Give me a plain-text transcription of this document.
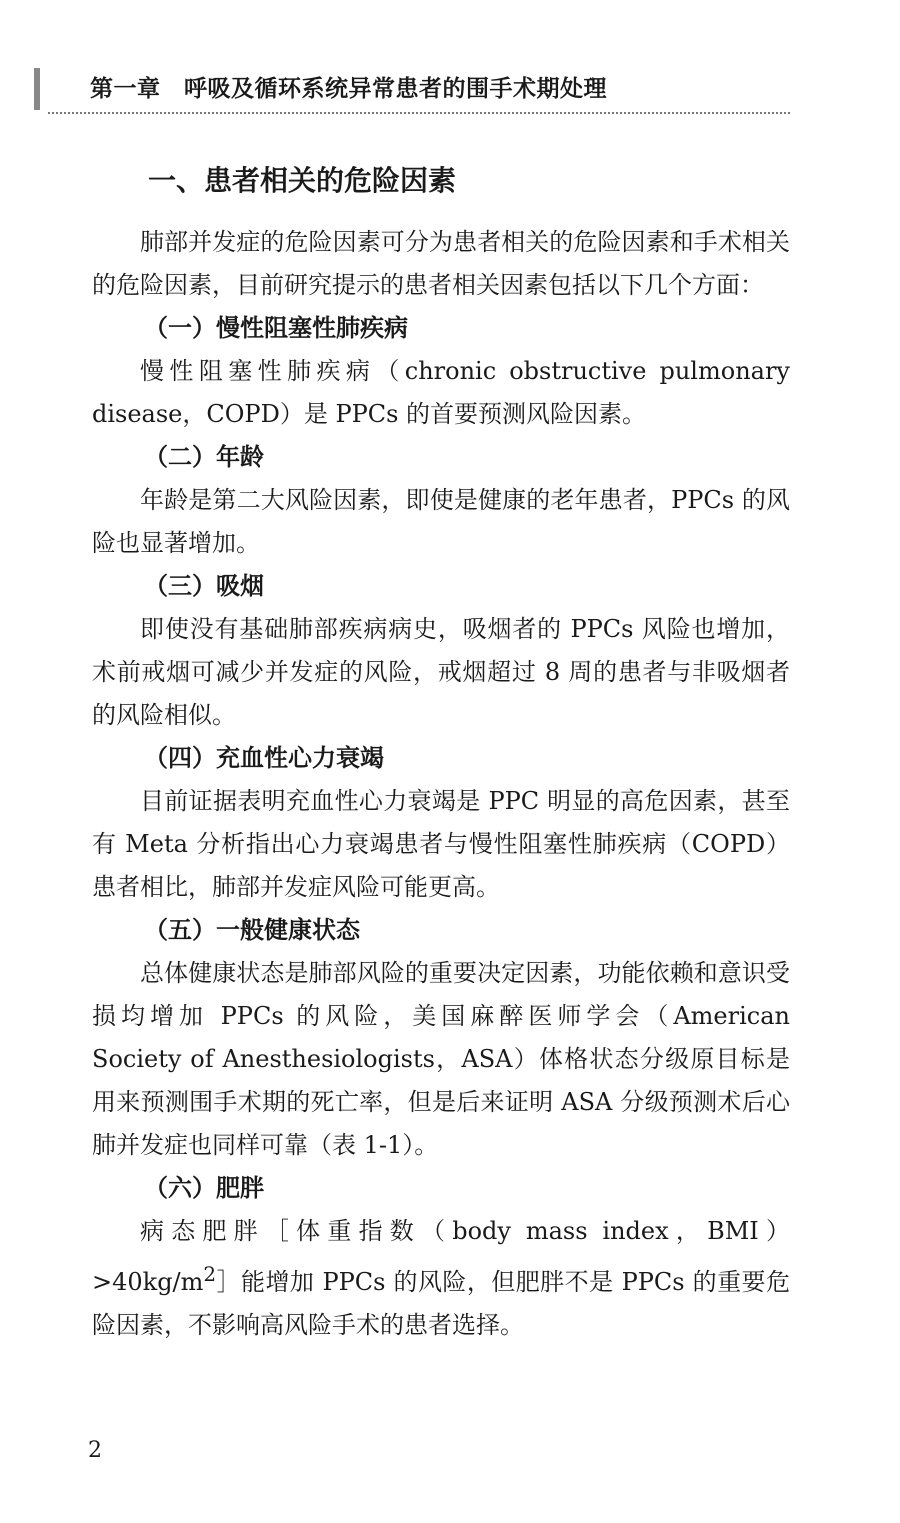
第一章　呼吸及循环系统异常患者的围手术期处理
一、患者相关的危险因素

肺部并发症的危险因素可分为患者相关的危险因素和手术相关的危险因素，目前研究提示的患者相关因素包括以下几个方面：

（一）慢性阻塞性肺疾病

慢性阻塞性肺疾病（chronic obstructive pulmonary disease，COPD）是 PPCs 的首要预测风险因素。

（二）年龄

年龄是第二大风险因素，即使是健康的老年患者，PPCs 的风险也显著增加。

（三）吸烟

即使没有基础肺部疾病病史，吸烟者的 PPCs 风险也增加，术前戒烟可减少并发症的风险，戒烟超过 8 周的患者与非吸烟者的风险相似。

（四）充血性心力衰竭

目前证据表明充血性心力衰竭是 PPC 明显的高危因素，甚至有 Meta 分析指出心力衰竭患者与慢性阻塞性肺疾病（COPD）患者相比，肺部并发症风险可能更高。

（五）一般健康状态

总体健康状态是肺部风险的重要决定因素，功能依赖和意识受损均增加 PPCs 的风险，美国麻醉医师学会（American Society of Anesthesiologists，ASA）体格状态分级原目标是用来预测围手术期的死亡率，但是后来证明 ASA 分级预测术后心肺并发症也同样可靠（表 1-1）。

（六）肥胖

病态肥胖［体重指数（body mass index，$BMI)>40kg/m^2]$能增加 PPCs 的风险，但肥胖不是 PPCs 的重要危险因素，不影响高风险手术的患者选择。

2
